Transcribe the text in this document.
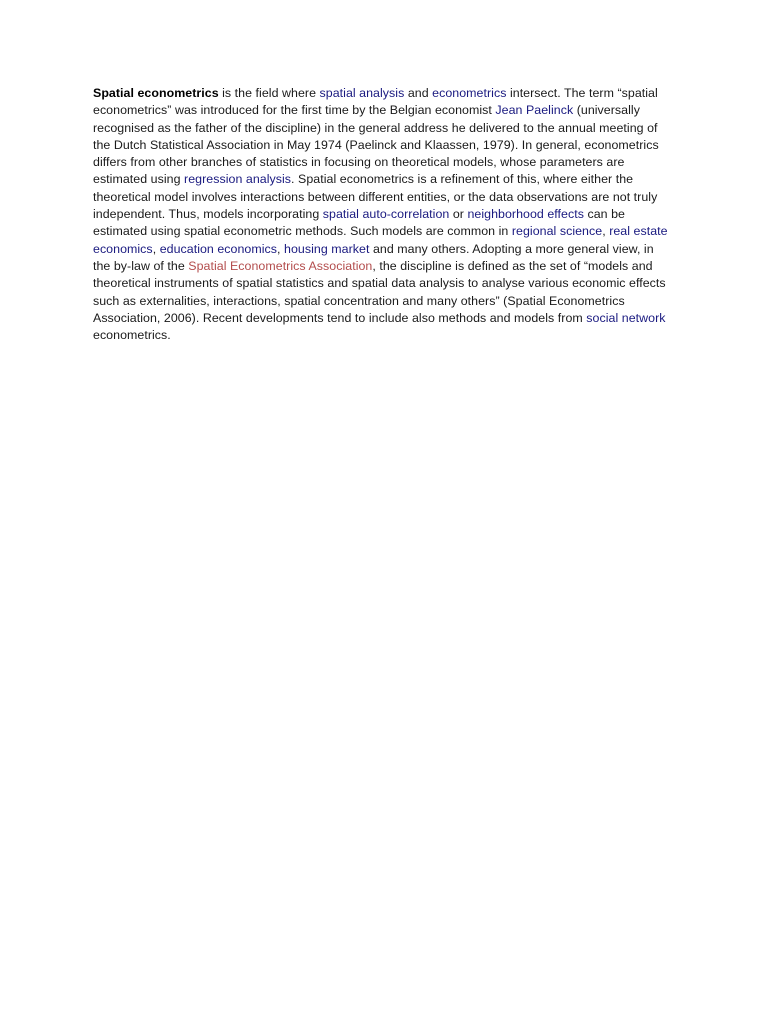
Spatial econometrics is the field where spatial analysis and econometrics intersect. The term “spatial econometrics” was introduced for the first time by the Belgian economist Jean Paelinck (universally recognised as the father of the discipline) in the general address he delivered to the annual meeting of the Dutch Statistical Association in May 1974 (Paelinck and Klaassen, 1979). In general, econometrics differs from other branches of statistics in focusing on theoretical models, whose parameters are estimated using regression analysis. Spatial econometrics is a refinement of this, where either the theoretical model involves interactions between different entities, or the data observations are not truly independent. Thus, models incorporating spatial auto-correlation or neighborhood effects can be estimated using spatial econometric methods. Such models are common in regional science, real estate economics, education economics, housing market and many others. Adopting a more general view, in the by-law of the Spatial Econometrics Association, the discipline is defined as the set of “models and theoretical instruments of spatial statistics and spatial data analysis to analyse various economic effects such as externalities, interactions, spatial concentration and many others” (Spatial Econometrics Association, 2006). Recent developments tend to include also methods and models from social network econometrics.
